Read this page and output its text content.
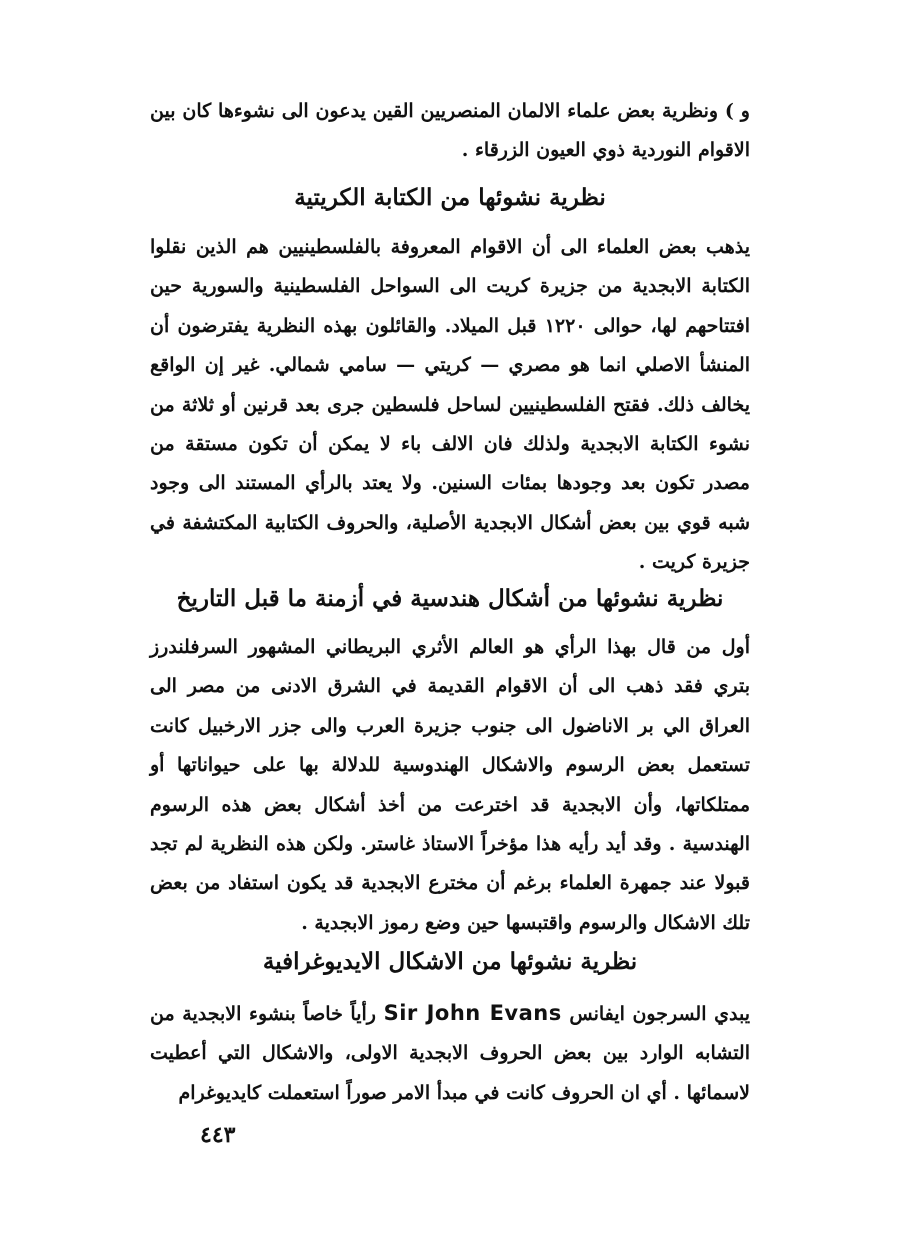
و ) ونظرية بعض علماء الالمان المنصريين القين يدعون الى نشوءها كان بين الاقوام النوردية ذوي العيون الزرقاء .

نظرية نشوئها من الكتابة الكريتية

يذهب بعض العلماء الى أن الاقوام المعروفة بالفلسطينيين هم الذين نقلوا الكتابة الابجدية من جزيرة كريت الى السواحل الفلسطينية والسورية حين افتتاحهم لها، حوالى ١٢٢٠ قبل الميلاد. والقائلون بهذه النظرية يفترضون أن المنشأ الاصلي انما هو مصري — كريتي — سامي شمالي. غير إن الواقع يخالف ذلك. فقتح الفلسطينيين لساحل فلسطين جرى بعد قرنين أو ثلاثة من نشوء الكتابة الابجدية ولذلك فان الالف باء لا يمكن أن تكون مستقة من مصدر تكون بعد وجودها بمئات السنين. ولا يعتد بالرأي المستند الى وجود شبه قوي بين بعض أشكال الابجدية الأصلية، والحروف الكتابية المكتشفة في جزيرة كريت .

نظرية نشوئها من أشكال هندسية في أزمنة ما قبل التاريخ

أول من قال بهذا الرأي هو العالم الأثري البريطاني المشهور السرفلندرز بتري فقد ذهب الى أن الاقوام القديمة في الشرق الادنى من مصر الى العراق الي بر الاناضول الى جنوب جزيرة العرب والى جزر الارخبيل كانت تستعمل بعض الرسوم والاشكال الهندوسية للدلالة بها على حيواناتها أو ممتلكاتها، وأن الابجدية قد اخترعت من أخذ أشكال بعض هذه الرسوم الهندسية . وقد أيد رأيه هذا مؤخراً الاستاذ غاستر. ولكن هذه النظرية لم تجد قبولا عند جمهرة العلماء برغم أن مخترع الابجدية قد يكون استفاد من بعض تلك الاشكال والرسوم واقتبسها حين وضع رموز الابجدية .

نظرية نشوئها من الاشكال الايديوغرافية

يبدي السرجون ايفانس Sir John Evans رأياً خاصاً بنشوء الابجدية من التشابه الوارد بين بعض الحروف الابجدية الاولى، والاشكال التي أعطيت لاسمائها . أي ان الحروف كانت في مبدأ الامر صوراً استعملت كايديوغرام

٤٤٣
